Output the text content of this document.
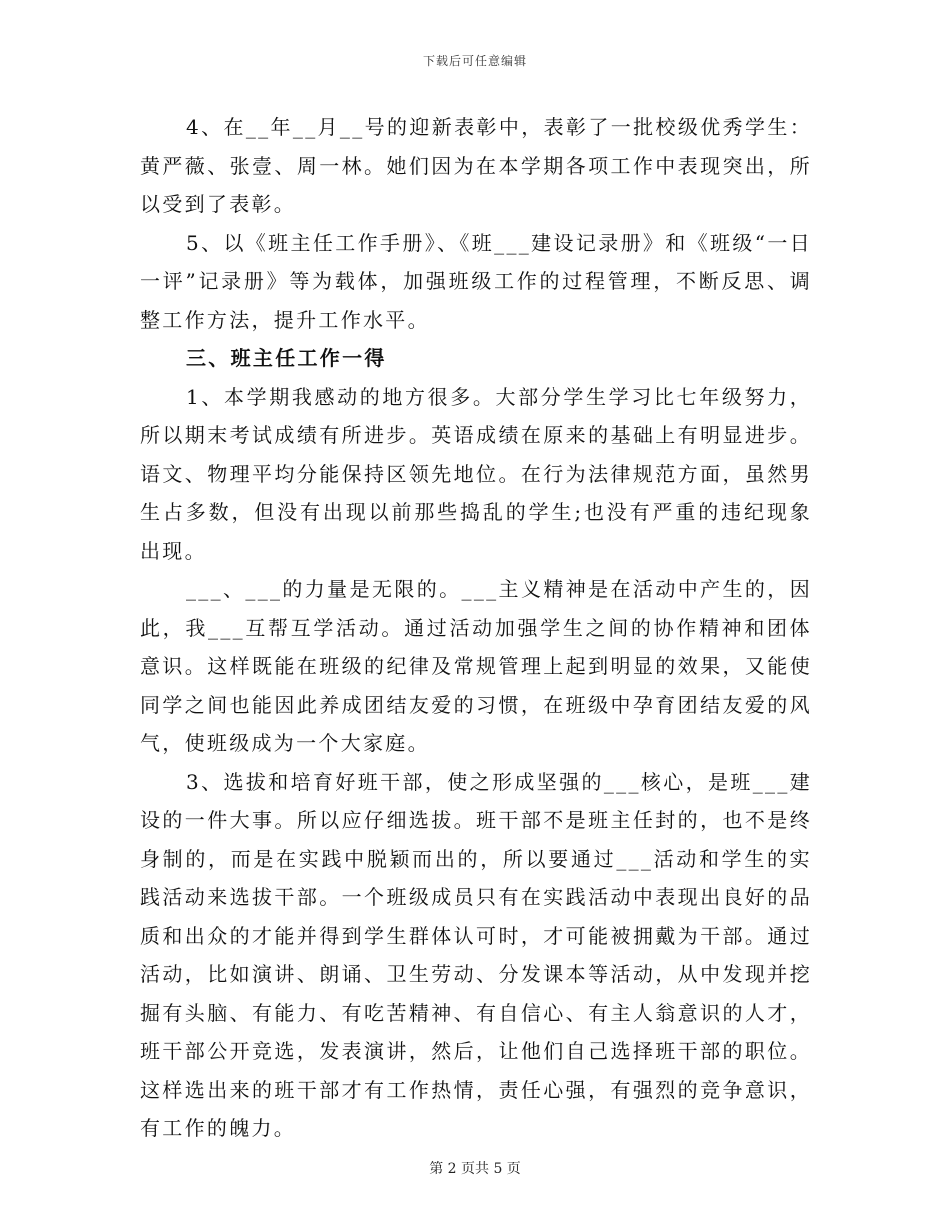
下载后可任意编辑

4、在__年__月__号的迎新表彰中，表彰了一批校级优秀学生：黄严薇、张壹、周一林。她们因为在本学期各项工作中表现突出，所以受到了表彰。

5、以《班主任工作手册》、《班___建设记录册》和《班级“一日一评”记录册》等为载体，加强班级工作的过程管理，不断反思、调整工作方法，提升工作水平。

三、班主任工作一得

1、本学期我感动的地方很多。大部分学生学习比七年级努力，所以期末考试成绩有所进步。英语成绩在原来的基础上有明显进步。语文、物理平均分能保持区领先地位。在行为法律规范方面，虽然男生占多数，但没有出现以前那些捣乱的学生;也没有严重的违纪现象出现。

___、___的力量是无限的。___主义精神是在活动中产生的，因此，我___互帮互学活动。通过活动加强学生之间的协作精神和团体意识。这样既能在班级的纪律及常规管理上起到明显的效果，又能使同学之间也能因此养成团结友爱的习惯，在班级中孕育团结友爱的风气，使班级成为一个大家庭。

3、选拔和培育好班干部，使之形成坚强的___核心，是班___建设的一件大事。所以应仔细选拔。班干部不是班主任封的，也不是终身制的，而是在实践中脱颖而出的，所以要通过___活动和学生的实践活动来选拔干部。一个班级成员只有在实践活动中表现出良好的品质和出众的才能并得到学生群体认可时，才可能被拥戴为干部。通过活动，比如演讲、朗诵、卫生劳动、分发课本等活动，从中发现并挖掘有头脑、有能力、有吃苦精神、有自信心、有主人翁意识的人才，班干部公开竞选，发表演讲，然后，让他们自己选择班干部的职位。这样选出来的班干部才有工作热情，责任心强，有强烈的竞争意识，有工作的魄力。

第 2 页共 5 页
